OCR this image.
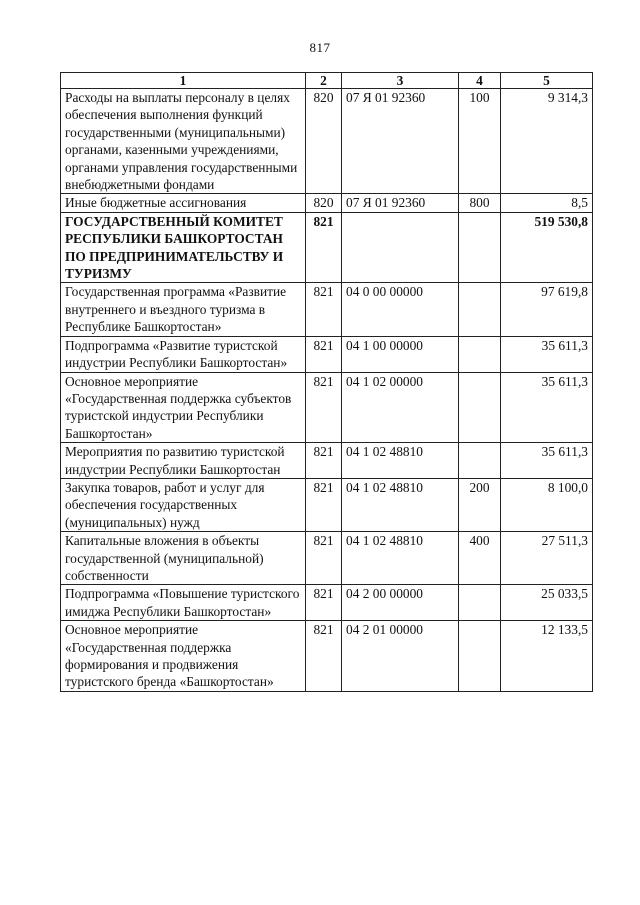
817
1	2	3	4	5
Расходы на выплаты персоналу в целях обеспечения выполнения функций государственными (муниципальными) органами, казенными учреждениями, органами управления государственными внебюджетными фондами	820	07 Я 01 92360	100	9 314,3
Иные бюджетные ассигнования	820	07 Я 01 92360	800	8,5
ГОСУДАРСТВЕННЫЙ КОМИТЕТ РЕСПУБЛИКИ БАШКОРТОСТАН ПО ПРЕДПРИНИМАТЕЛЬСТВУ И ТУРИЗМУ	821			519 530,8
Государственная программа «Развитие внутреннего и въездного туризма в Республике Башкортостан»	821	04 0 00 00000		97 619,8
Подпрограмма «Развитие туристской индустрии Республики Башкортостан»	821	04 1 00 00000		35 611,3
Основное мероприятие «Государственная поддержка субъектов туристской индустрии Республики Башкортостан»	821	04 1 02 00000		35 611,3
Мероприятия по развитию туристской индустрии Республики Башкортостан	821	04 1 02 48810		35 611,3
Закупка товаров, работ и услуг для обеспечения государственных (муниципальных) нужд	821	04 1 02 48810	200	8 100,0
Капитальные вложения в объекты государственной (муниципальной) собственности	821	04 1 02 48810	400	27 511,3
Подпрограмма «Повышение туристского имиджа Республики Башкортостан»	821	04 2 00 00000		25 033,5
Основное мероприятие «Государственная поддержка формирования и продвижения туристского бренда «Башкортостан»	821	04 2 01 00000		12 133,5
